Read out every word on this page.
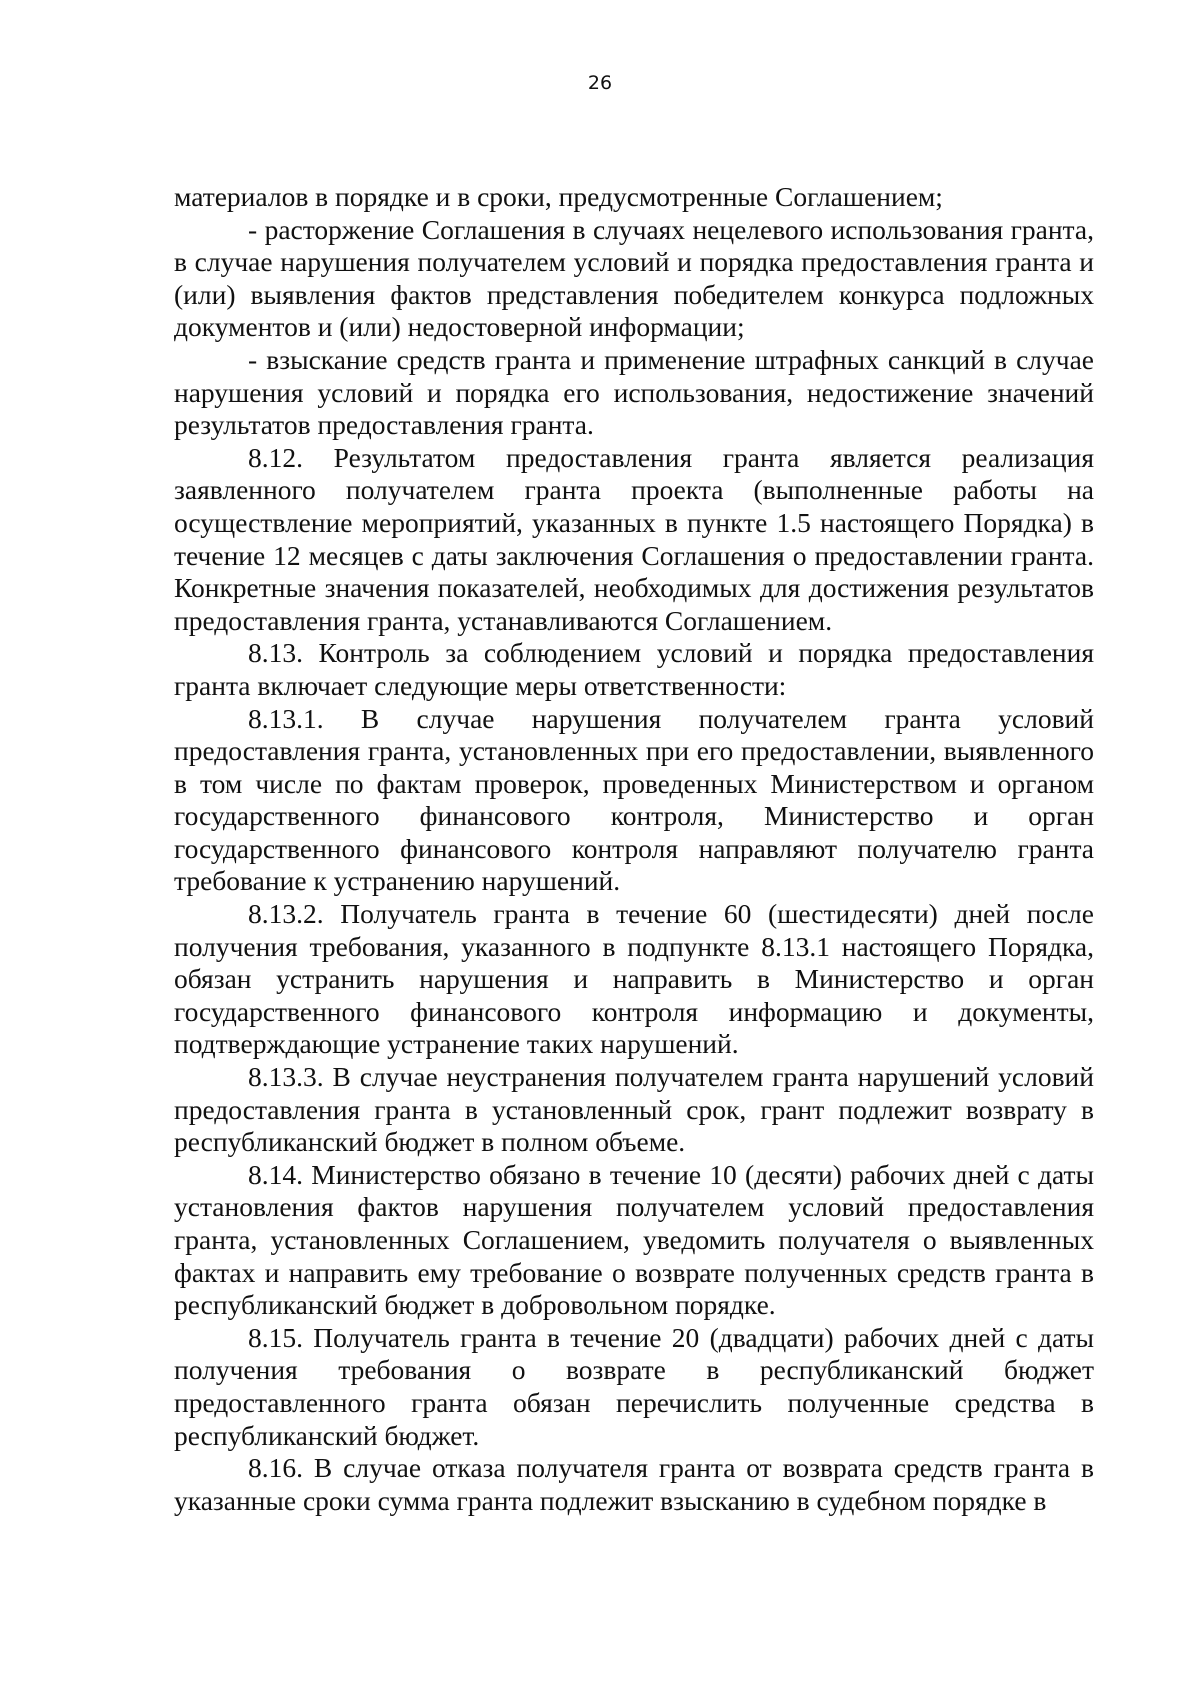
26

материалов в порядке и в сроки, предусмотренные Соглашением;

- расторжение Соглашения в случаях нецелевого использования гранта, в случае нарушения получателем условий и порядка предоставления гранта и (или) выявления фактов представления победителем конкурса подложных документов и (или) недостоверной информации;

- взыскание средств гранта и применение штрафных санкций в случае нарушения условий и порядка его использования, недостижение значений результатов предоставления гранта.

8.12. Результатом предоставления гранта является реализация заявленного получателем гранта проекта (выполненные работы на осуществление мероприятий, указанных в пункте 1.5 настоящего Порядка) в течение 12 месяцев с даты заключения Соглашения о предоставлении гранта. Конкретные значения показателей, необходимых для достижения результатов предоставления гранта, устанавливаются Соглашением.

8.13. Контроль за соблюдением условий и порядка предоставления гранта включает следующие меры ответственности:

8.13.1. В случае нарушения получателем гранта условий предоставления гранта, установленных при его предоставлении, выявленного в том числе по фактам проверок, проведенных Министерством и органом государственного финансового контроля, Министерство и орган государственного финансового контроля направляют получателю гранта требование к устранению нарушений.

8.13.2. Получатель гранта в течение 60 (шестидесяти) дней после получения требования, указанного в подпункте 8.13.1 настоящего Порядка, обязан устранить нарушения и направить в Министерство и орган государственного финансового контроля информацию и документы, подтверждающие устранение таких нарушений.

8.13.3. В случае неустранения получателем гранта нарушений условий предоставления гранта в установленный срок, грант подлежит возврату в республиканский бюджет в полном объеме.

8.14. Министерство обязано в течение 10 (десяти) рабочих дней с даты установления фактов нарушения получателем условий предоставления гранта, установленных Соглашением, уведомить получателя о выявленных фактах и направить ему требование о возврате полученных средств гранта в республиканский бюджет в добровольном порядке.

8.15. Получатель гранта в течение 20 (двадцати) рабочих дней с даты получения требования о возврате в республиканский бюджет предоставленного гранта обязан перечислить полученные средства в республиканский бюджет.

8.16. В случае отказа получателя гранта от возврата средств гранта в указанные сроки сумма гранта подлежит взысканию в судебном порядке в
